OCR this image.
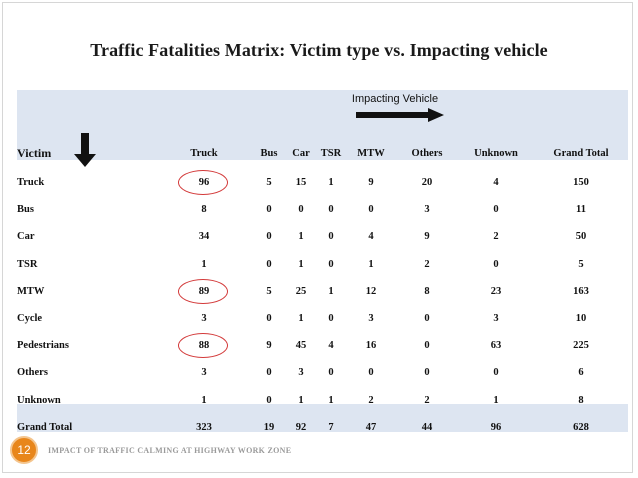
Traffic Fatalities Matrix: Victim type vs. Impacting vehicle
Impacting Vehicle
Victim	Truck	Bus	Car	TSR	MTW	Others	Unknown	Grand Total
Truck	96	5	15	1	9	20	4	150
Bus	8	0	0	0	0	3	0	11
Car	34	0	1	0	4	9	2	50
TSR	1	0	1	0	1	2	0	5
MTW	89	5	25	1	12	8	23	163
Cycle	3	0	1	0	3	0	3	10
Pedestrians	88	9	45	4	16	0	63	225
Others	3	0	3	0	0	0	0	6
Unknown	1	0	1	1	2	2	1	8
Grand Total	323	19	92	7	47	44	96	628
12	IMPACT OF TRAFFIC CALMING AT HIGHWAY WORK ZONE
